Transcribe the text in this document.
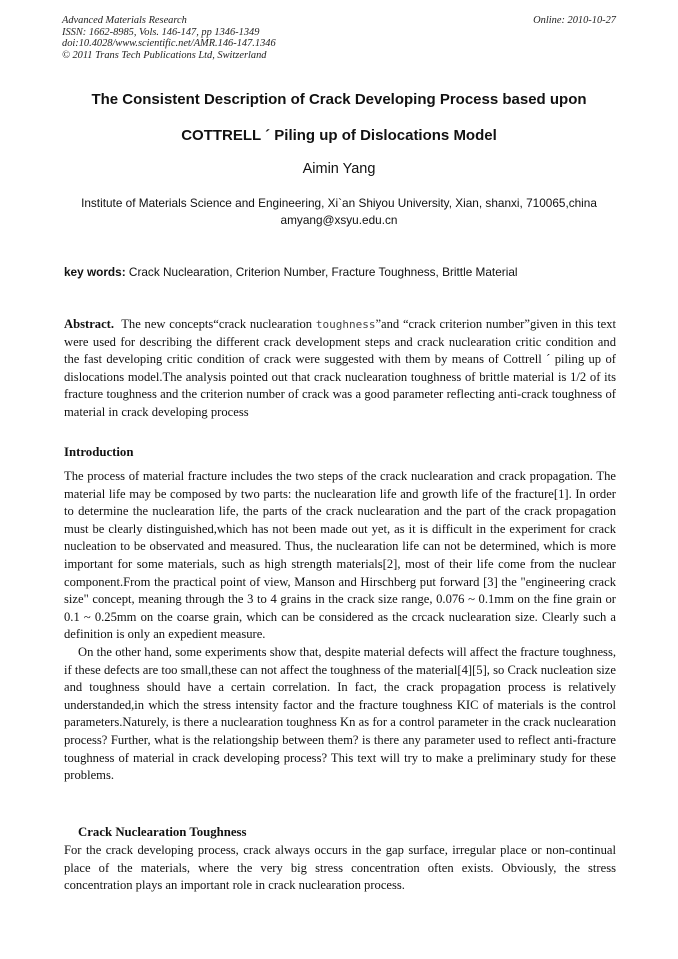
Advanced Materials Research
ISSN: 1662-8985, Vols. 146-147, pp 1346-1349
doi:10.4028/www.scientific.net/AMR.146-147.1346
© 2011 Trans Tech Publications Ltd, Switzerland
Online: 2010-10-27
The Consistent Description of Crack Developing Process based upon
COTTRELL ´ Piling up of Dislocations Model
Aimin Yang
Institute of Materials Science and Engineering, Xi`an Shiyou University, Xian, shanxi, 710065,china
amyang@xsyu.edu.cn
key words: Crack Nuclearation, Criterion Number, Fracture Toughness, Brittle Material
Abstract. The new concepts“crack nuclearation toughness”and “crack criterion number”given in this text were used for describing the different crack development steps and crack nuclearation critic condition and the fast developing critic condition of crack were suggested with them by means of Cottrell ´ piling up of dislocations model.The analysis pointed out that crack nuclearation toughness of brittle material is 1/2 of its fracture toughness and the criterion number of crack was a good parameter reflecting anti-crack toughness of material in crack developing process
Introduction

The process of material fracture includes the two steps of the crack nuclearation and crack propagation. The material life may be composed by two parts: the nuclearation life and growth life of the fracture[1]. In order to determine the nuclearation life, the parts of the crack nuclearation and the part of the crack propagation must be clearly distinguished,which has not been made out yet, as it is difficult in the experiment for crack nucleation to be observated and measured. Thus, the nuclearation life can not be determined, which is more important for some materials, such as high strength materials[2], most of their life come from the nuclear component.From the practical point of view, Manson and Hirschberg put forward [3] the "engineering crack size" concept, meaning through the 3 to 4 grains in the crack size range, 0.076 ~ 0.1mm on the fine grain or 0.1 ~ 0.25mm on the coarse grain, which can be considered as the crcack nuclearation size. Clearly such a definition is only an expedient measure.

On the other hand, some experiments show that, despite material defects will affect the fracture toughness, if these defects are too small,these can not affect the toughness of the material[4][5], so Crack nucleation size and toughness should have a certain correlation. In fact, the crack propagation process is relatively understanded,in which the stress intensity factor and the fracture toughness KIC of materials is the control parameters.Naturely, is there a nuclearation toughness Kn as for a control parameter in the crack nuclearation process? Further, what is the relationgship between them? is there any parameter used to reflect anti-fracture toughness of material in crack developing process? This text will try to make a preliminary study for these problems.

Crack Nuclearation Toughness
For the crack developing process, crack always occurs in the gap surface, irregular place or non-continual place of the materials, where the very big stress concentration often exists. Obviously, the stress concentration plays an important role in crack nuclearation process.
